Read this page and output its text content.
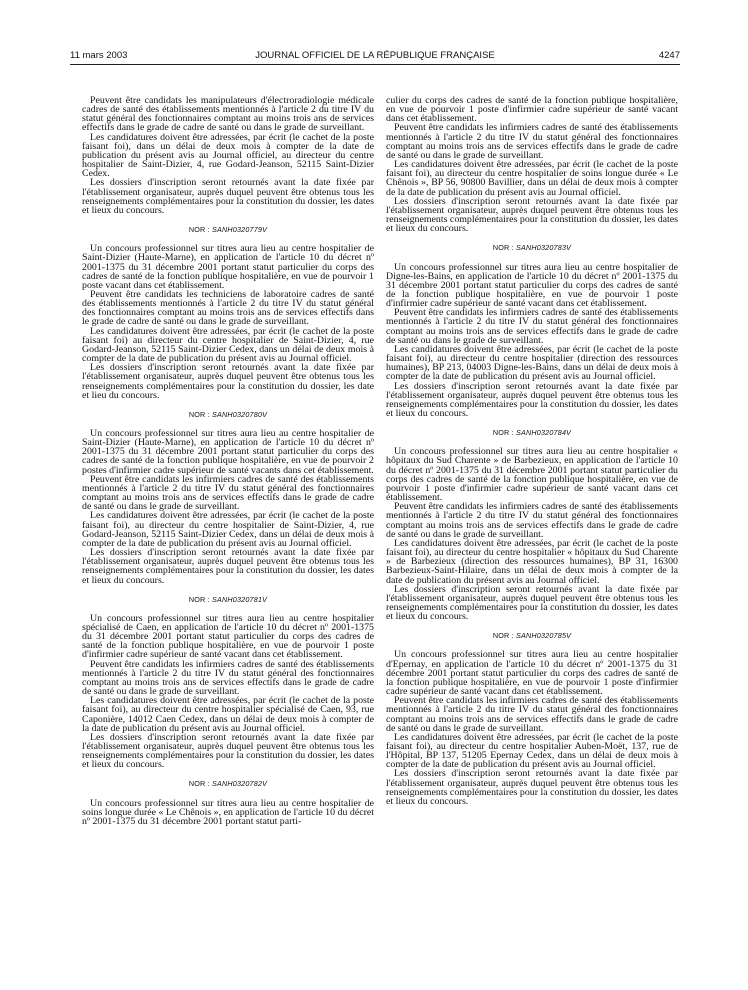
11 mars 2003	JOURNAL OFFICIEL DE LA RÉPUBLIQUE FRANÇAISE	4247

Peuvent être candidats les manipulateurs d'électroradiologie médicale cadres de santé des établissements mentionnés à l'article 2 du titre IV du statut général des fonctionnaires comptant au moins trois ans de services effectifs dans le grade de cadre de santé ou dans le grade de surveillant.

Les candidatures doivent être adressées, par écrit (le cachet de la poste faisant foi), dans un délai de deux mois à compter de la date de publication du présent avis au Journal officiel, au directeur du centre hospitalier de Saint-Dizier, 4, rue Godard-Jeanson, 52115 Saint-Dizier Cedex.

Les dossiers d'inscription seront retournés avant la date fixée par l'établissement organisateur, auprès duquel peuvent être obtenus tous les renseignements complémentaires pour la constitution du dossier, les dates et lieux du concours.

NOR : SANH0320779V

Un concours professionnel sur titres aura lieu au centre hospitalier de Saint-Dizier (Haute-Marne), en application de l'article 10 du décret nº 2001-1375 du 31 décembre 2001 portant statut particulier du corps des cadres de santé de la fonction publique hospitalière, en vue de pourvoir 1 poste vacant dans cet établissement.

Peuvent être candidats les techniciens de laboratoire cadres de santé des établissements mentionnés à l'article 2 du titre IV du statut général des fonctionnaires comptant au moins trois ans de services effectifs dans le grade de cadre de santé ou dans le grade de surveillant.

Les candidatures doivent être adressées, par écrit (le cachet de la poste faisant foi) au directeur du centre hospitalier de Saint-Dizier, 4, rue Godard-Jeanson, 52115 Saint-Dizier Cedex, dans un délai de deux mois à compter de la date de publication du présent avis au Journal officiel.

Les dossiers d'inscription seront retournés avant la date fixée par l'établissement organisateur, auprès duquel peuvent être obtenus tous les renseignements complémentaires pour la constitution du dossier, les date et lieu du concours.

NOR : SANH0320780V

Un concours professionnel sur titres aura lieu au centre hospitalier de Saint-Dizier (Haute-Marne), en application de l'article 10 du décret nº 2001-1375 du 31 décembre 2001 portant statut particulier du corps des cadres de santé de la fonction publique hospitalière, en vue de pourvoir 2 postes d'infirmier cadre supérieur de santé vacants dans cet établissement.

Peuvent être candidats les infirmiers cadres de santé des établissements mentionnés à l'article 2 du titre IV du statut général des fonctionnaires comptant au moins trois ans de services effectifs dans le grade de cadre de santé ou dans le grade de surveillant.

Les candidatures doivent être adressées, par écrit (le cachet de la poste faisant foi), au directeur du centre hospitalier de Saint-Dizier, 4, rue Godard-Jeanson, 52115 Saint-Dizier Cedex, dans un délai de deux mois à compter de la date de publication du présent avis au Journal officiel.

Les dossiers d'inscription seront retournés avant la date fixée par l'établissement organisateur, auprès duquel peuvent être obtenus tous les renseignements complémentaires pour la constitution du dossier, les dates et lieux du concours.

NOR : SANH0320781V

Un concours professionnel sur titres aura lieu au centre hospitalier spécialisé de Caen, en application de l'article 10 du décret nº 2001-1375 du 31 décembre 2001 portant statut particulier du corps des cadres de santé de la fonction publique hospitalière, en vue de pourvoir 1 poste d'infirmier cadre supérieur de santé vacant dans cet établissement.

Peuvent être candidats les infirmiers cadres de santé des établissements mentionnés à l'article 2 du titre IV du statut général des fonctionnaires comptant au moins trois ans de services effectifs dans le grade de cadre de santé ou dans le grade de surveillant.

Les candidatures doivent être adressées, par écrit (le cachet de la poste faisant foi), au directeur du centre hospitalier spécialisé de Caen, 93, rue Caponière, 14012 Caen Cedex, dans un délai de deux mois à compter de la date de publication du présent avis au Journal officiel.

Les dossiers d'inscription seront retournés avant la date fixée par l'établissement organisateur, auprès duquel peuvent être obtenus tous les renseignements complémentaires pour la constitution du dossier, les dates et lieux du concours.

NOR : SANH0320782V

Un concours professionnel sur titres aura lieu au centre hospitalier de soins longue durée « Le Chênois », en application de l'article 10 du décret nº 2001-1375 du 31 décembre 2001 portant statut parti-

culier du corps des cadres de santé de la fonction publique hospitalière, en vue de pourvoir 1 poste d'infirmier cadre supérieur de santé vacant dans cet établissement.

Peuvent être candidats les infirmiers cadres de santé des établissements mentionnés à l'article 2 du titre IV du statut général des fonctionnaires comptant au moins trois ans de services effectifs dans le grade de cadre de santé ou dans le grade de surveillant.

Les candidatures doivent être adressées, par écrit (le cachet de la poste faisant foi), au directeur du centre hospitalier de soins longue durée « Le Chênois », BP 56, 90800 Bavillier, dans un délai de deux mois à compter de la date de publication du présent avis au Journal officiel.

Les dossiers d'inscription seront retournés avant la date fixée par l'établissement organisateur, auprès duquel peuvent être obtenus tous les renseignements complémentaires pour la constitution du dossier, les dates et lieux du concours.

NOR : SANH0320783V

Un concours professionnel sur titres aura lieu au centre hospitalier de Digne-les-Bains, en application de l'article 10 du décret nº 2001-1375 du 31 décembre 2001 portant statut particulier du corps des cadres de santé de la fonction publique hospitalière, en vue de pourvoir 1 poste d'infirmier cadre supérieur de santé vacant dans cet établissement.

Peuvent être candidats les infirmiers cadres de santé des établissements mentionnés à l'article 2 du titre IV du statut général des fonctionnaires comptant au moins trois ans de services effectifs dans le grade de cadre de santé ou dans le grade de surveillant.

Les candidatures doivent être adressées, par écrit (le cachet de la poste faisant foi), au directeur du centre hospitalier (direction des ressources humaines), BP 213, 04003 Digne-les-Bains, dans un délai de deux mois à compter de la date de publication du présent avis au Journal officiel.

Les dossiers d'inscription seront retournés avant la date fixée par l'établissement organisateur, auprès duquel peuvent être obtenus tous les renseignements complémentaires pour la constitution du dossier, les dates et lieux du concours.

NOR : SANH0320784V

Un concours professionnel sur titres aura lieu au centre hospitalier « hôpitaux du Sud Charente » de Barbezieux, en application de l'article 10 du décret nº 2001-1375 du 31 décembre 2001 portant statut particulier du corps des cadres de santé de la fonction publique hospitalière, en vue de pourvoir 1 poste d'infirmier cadre supérieur de santé vacant dans cet établissement.

Peuvent être candidats les infirmiers cadres de santé des établissements mentionnés à l'article 2 du titre IV du statut général des fonctionnaires comptant au moins trois ans de services effectifs dans le grade de cadre de santé ou dans le grade de surveillant.

Les candidatures doivent être adressées, par écrit (le cachet de la poste faisant foi), au directeur du centre hospitalier « hôpitaux du Sud Charente » de Barbezieux (direction des ressources humaines), BP 31, 16300 Barbezieux-Saint-Hilaire, dans un délai de deux mois à compter de la date de publication du présent avis au Journal officiel.

Les dossiers d'inscription seront retournés avant la date fixée par l'établissement organisateur, auprès duquel peuvent être obtenus tous les renseignements complémentaires pour la constitution du dossier, les dates et lieux du concours.

NOR : SANH0320785V

Un concours professionnel sur titres aura lieu au centre hospitalier d'Epernay, en application de l'article 10 du décret nº 2001-1375 du 31 décembre 2001 portant statut particulier du corps des cadres de santé de la fonction publique hospitalière, en vue de pourvoir 1 poste d'infirmier cadre supérieur de santé vacant dans cet établissement.

Peuvent être candidats les infirmiers cadres de santé des établissements mentionnés à l'article 2 du titre IV du statut général des fonctionnaires comptant au moins trois ans de services effectifs dans le grade de cadre de santé ou dans le grade de surveillant.

Les candidatures doivent être adressées, par écrit (le cachet de la poste faisant foi), au directeur du centre hospitalier Auben-Moët, 137, rue de l'Hôpital, BP 137, 51205 Epernay Cedex, dans un délai de deux mois à compter de la date de publication du présent avis au Journal officiel.

Les dossiers d'inscription seront retournés avant la date fixée par l'établissement organisateur, auprès duquel peuvent être obtenus tous les renseignements complémentaires pour la constitution du dossier, les dates et lieux du concours.
